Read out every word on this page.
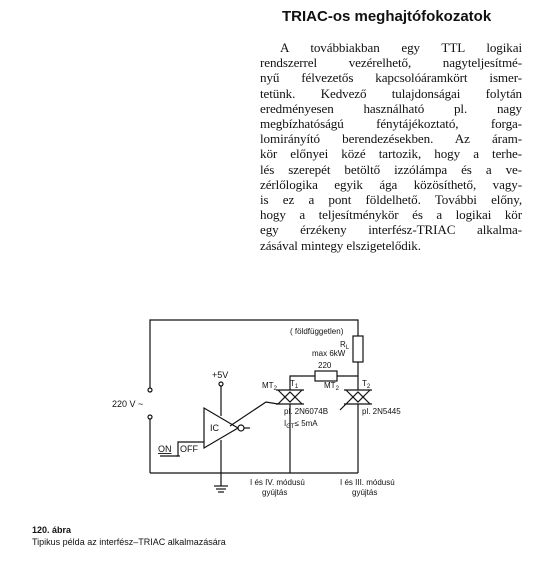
TRIAC-os meghajtófokozatok
A továbbiakban egy TTL logikai
rendszerrel vezérelhető, nagyteljesítmé-
nyű félvezetős kapcsolóáramkört ismer-
tetünk. Kedvező tulajdonságai folytán
eredményesen használható pl. nagy
megbízhatóságú fénytájékoztató, forga-
lomirányító berendezésekben. Az áram-
kör előnyei közé tartozik, hogy a terhe-
lés szerepét betöltő izzólámpa és a ve-
zérlőlogika egyik ága közösíthető, vagy-
is ez a pont földelhető. További előny,
hogy a teljesítménykör és a logikai kör
egy érzékeny interfész-TRIAC alkalma-
zásával mintegy elszigetelődik.
220 V ~
+5V
IC
ON OFF
( földfüggetlen)
$R_L$
max 6kW
220
$MT_2$
$T_1$	$MT_2$
$T_2$
pl. 2N6074B
$I_{GT}\le 5mA$
pl. 2N5445
I és IV. módusú
gyújtás
I és III. módusú
gyújtás
120. ábra
Tipikus példa az interfész–TRIAC alkalmazására
